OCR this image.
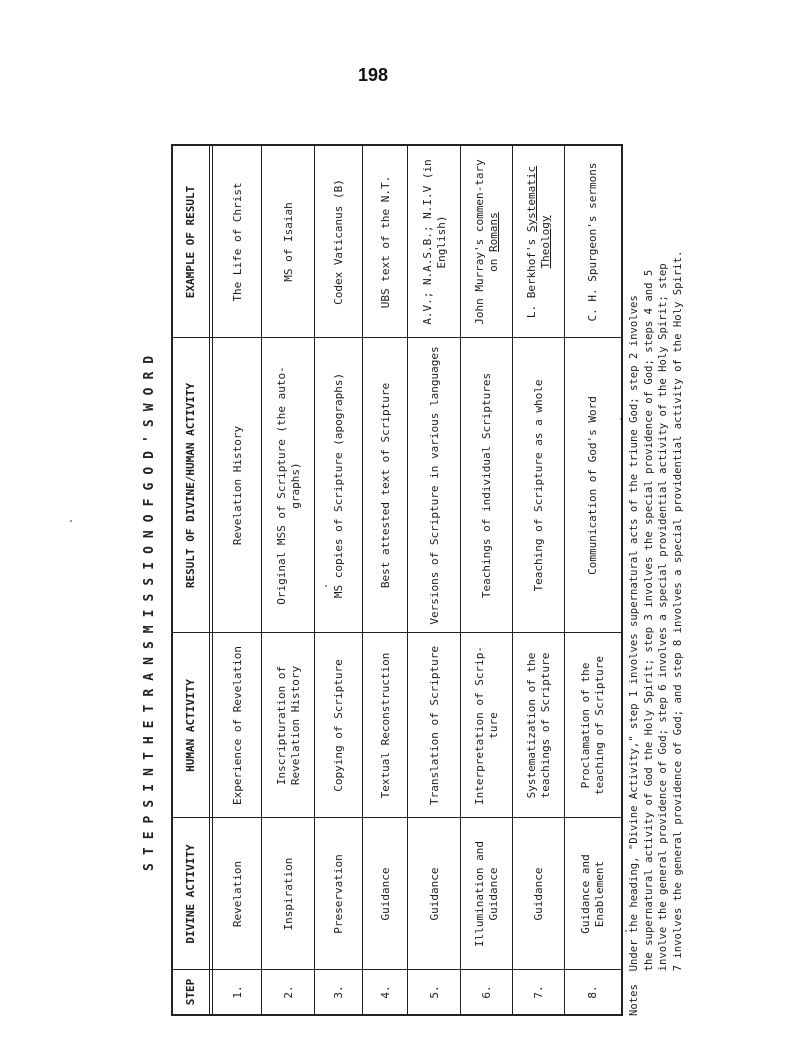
198
S T E P S I N T H E T R A N S M I S S I O N O F G O D ' S W O R D
STEP
DIVINE ACTIVITY
HUMAN ACTIVITY
RESULT OF DIVINE/HUMAN ACTIVITY
EXAMPLE OF RESULT
1.
Revelation
Experience of Revelation
Revelation History
The Life of Christ
2.
Inspiration
Inscripturation of Revelation History
Original MSS of Scripture (the auto-graphs)
MS of Isaiah
3.
Preservation
Copying of Scripture
MS copies of Scripture (apographs)
Codex Vaticanus (B)
4.
Guidance
Textual Reconstruction
Best attested text of Scripture
UBS text of the N.T.
5.
Guidance
Translation of Scripture
Versions of Scripture in various languages
A.V.; N.A.S.B.; N.I.V (in English)
6.
Illumination and Guidance
Interpretation of Scrip-ture
Teachings of individual Scriptures
John Murray's commen-tary on Romans
7.
Guidance
Systematization of the teachings of Scripture
Teaching of Scripture as a whole
L. Berkhof's Systematic Theology
8.
Guidance and Enablement
Proclamation of the teaching of Scripture
Communication of God's Word
C. H. Spurgeon's sermons

Notes  Under the heading, "Divine Activity," step 1 involves supernatural acts of the triune God; step 2 involves the supernatural activity of God the Holy Spirit; step 3 involves the special providence of God; steps 4 and 5 involve the general providence of God; step 6 involves a special providential activity of the Holy Spirit; step 7 involves the general providence of God; and step 8 involves a special providential activity of the Holy Spirit.
